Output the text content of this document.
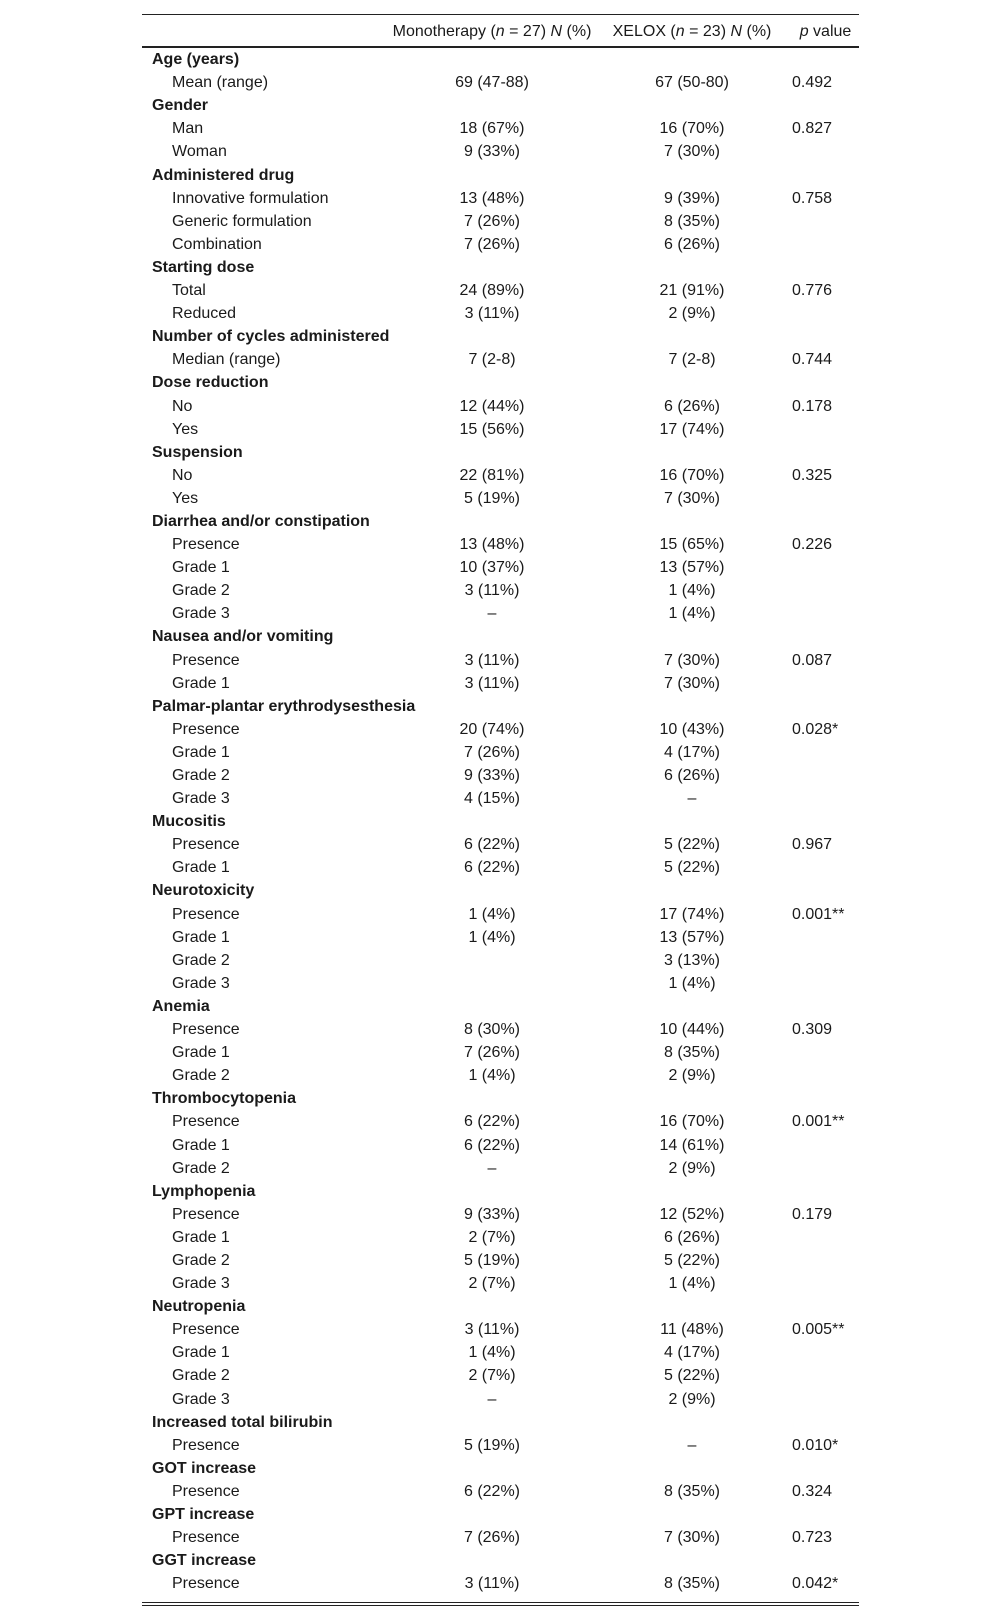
	Monotherapy (n = 27) N (%)	XELOX (n = 23) N (%)	p value
Age (years)			
Mean (range)	69 (47-88)	67 (50-80)	0.492
Gender			
Man	18 (67%)	16 (70%)	0.827
Woman	9 (33%)	7 (30%)	
Administered drug			
Innovative formulation	13 (48%)	9 (39%)	0.758
Generic formulation	7 (26%)	8 (35%)	
Combination	7 (26%)	6 (26%)	
Starting dose			
Total	24 (89%)	21 (91%)	0.776
Reduced	3 (11%)	2 (9%)	
Number of cycles administered			
Median (range)	7 (2-8)	7 (2-8)	0.744
Dose reduction			
No	12 (44%)	6 (26%)	0.178
Yes	15 (56%)	17 (74%)	
Suspension			
No	22 (81%)	16 (70%)	0.325
Yes	5 (19%)	7 (30%)	
Diarrhea and/or constipation			
Presence	13 (48%)	15 (65%)	0.226
Grade 1	10 (37%)	13 (57%)	
Grade 2	3 (11%)	1 (4%)	
Grade 3	–	1 (4%)	
Nausea and/or vomiting			
Presence	3 (11%)	7 (30%)	0.087
Grade 1	3 (11%)	7 (30%)	
Palmar-plantar erythrodysesthesia			
Presence	20 (74%)	10 (43%)	0.028*
Grade 1	7 (26%)	4 (17%)	
Grade 2	9 (33%)	6 (26%)	
Grade 3	4 (15%)	–	
Mucositis			
Presence	6 (22%)	5 (22%)	0.967
Grade 1	6 (22%)	5 (22%)	
Neurotoxicity			
Presence	1 (4%)	17 (74%)	0.001**
Grade 1	1 (4%)	13 (57%)	
Grade 2		3 (13%)	
Grade 3		1 (4%)	
Anemia			
Presence	8 (30%)	10 (44%)	0.309
Grade 1	7 (26%)	8 (35%)	
Grade 2	1 (4%)	2 (9%)	
Thrombocytopenia			
Presence	6 (22%)	16 (70%)	0.001**
Grade 1	6 (22%)	14 (61%)	
Grade 2	–	2 (9%)	
Lymphopenia			
Presence	9 (33%)	12 (52%)	0.179
Grade 1	2 (7%)	6 (26%)	
Grade 2	5 (19%)	5 (22%)	
Grade 3	2 (7%)	1 (4%)	
Neutropenia			
Presence	3 (11%)	11 (48%)	0.005**
Grade 1	1 (4%)	4 (17%)	
Grade 2	2 (7%)	5 (22%)	
Grade 3	–	2 (9%)	
Increased total bilirubin			
Presence	5 (19%)	–	0.010*
GOT increase			
Presence	6 (22%)	8 (35%)	0.324
GPT increase			
Presence	7 (26%)	7 (30%)	0.723
GGT increase			
Presence	3 (11%)	8 (35%)	0.042*
